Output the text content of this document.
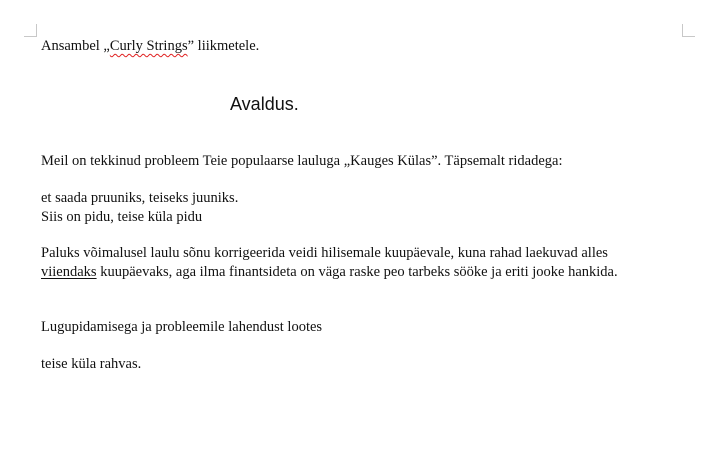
Ansambel „Curly Strings” liikmetele.
Avaldus.
Meil on tekkinud probleem Teie populaarse lauluga „Kauges Külas”. Täpsemalt ridadega:
et saada pruuniks, teiseks juuniks.
Siis on pidu, teise küla pidu
Paluks võimalusel laulu sõnu korrigeerida veidi hilisemale kuupäevale, kuna rahad laekuvad alles
viiendaks kuupäevaks, aga ilma finantsideta on väga raske peo tarbeks sööke ja eriti jooke hankida.
Lugupidamisega ja probleemile lahendust lootes
teise küla rahvas.
